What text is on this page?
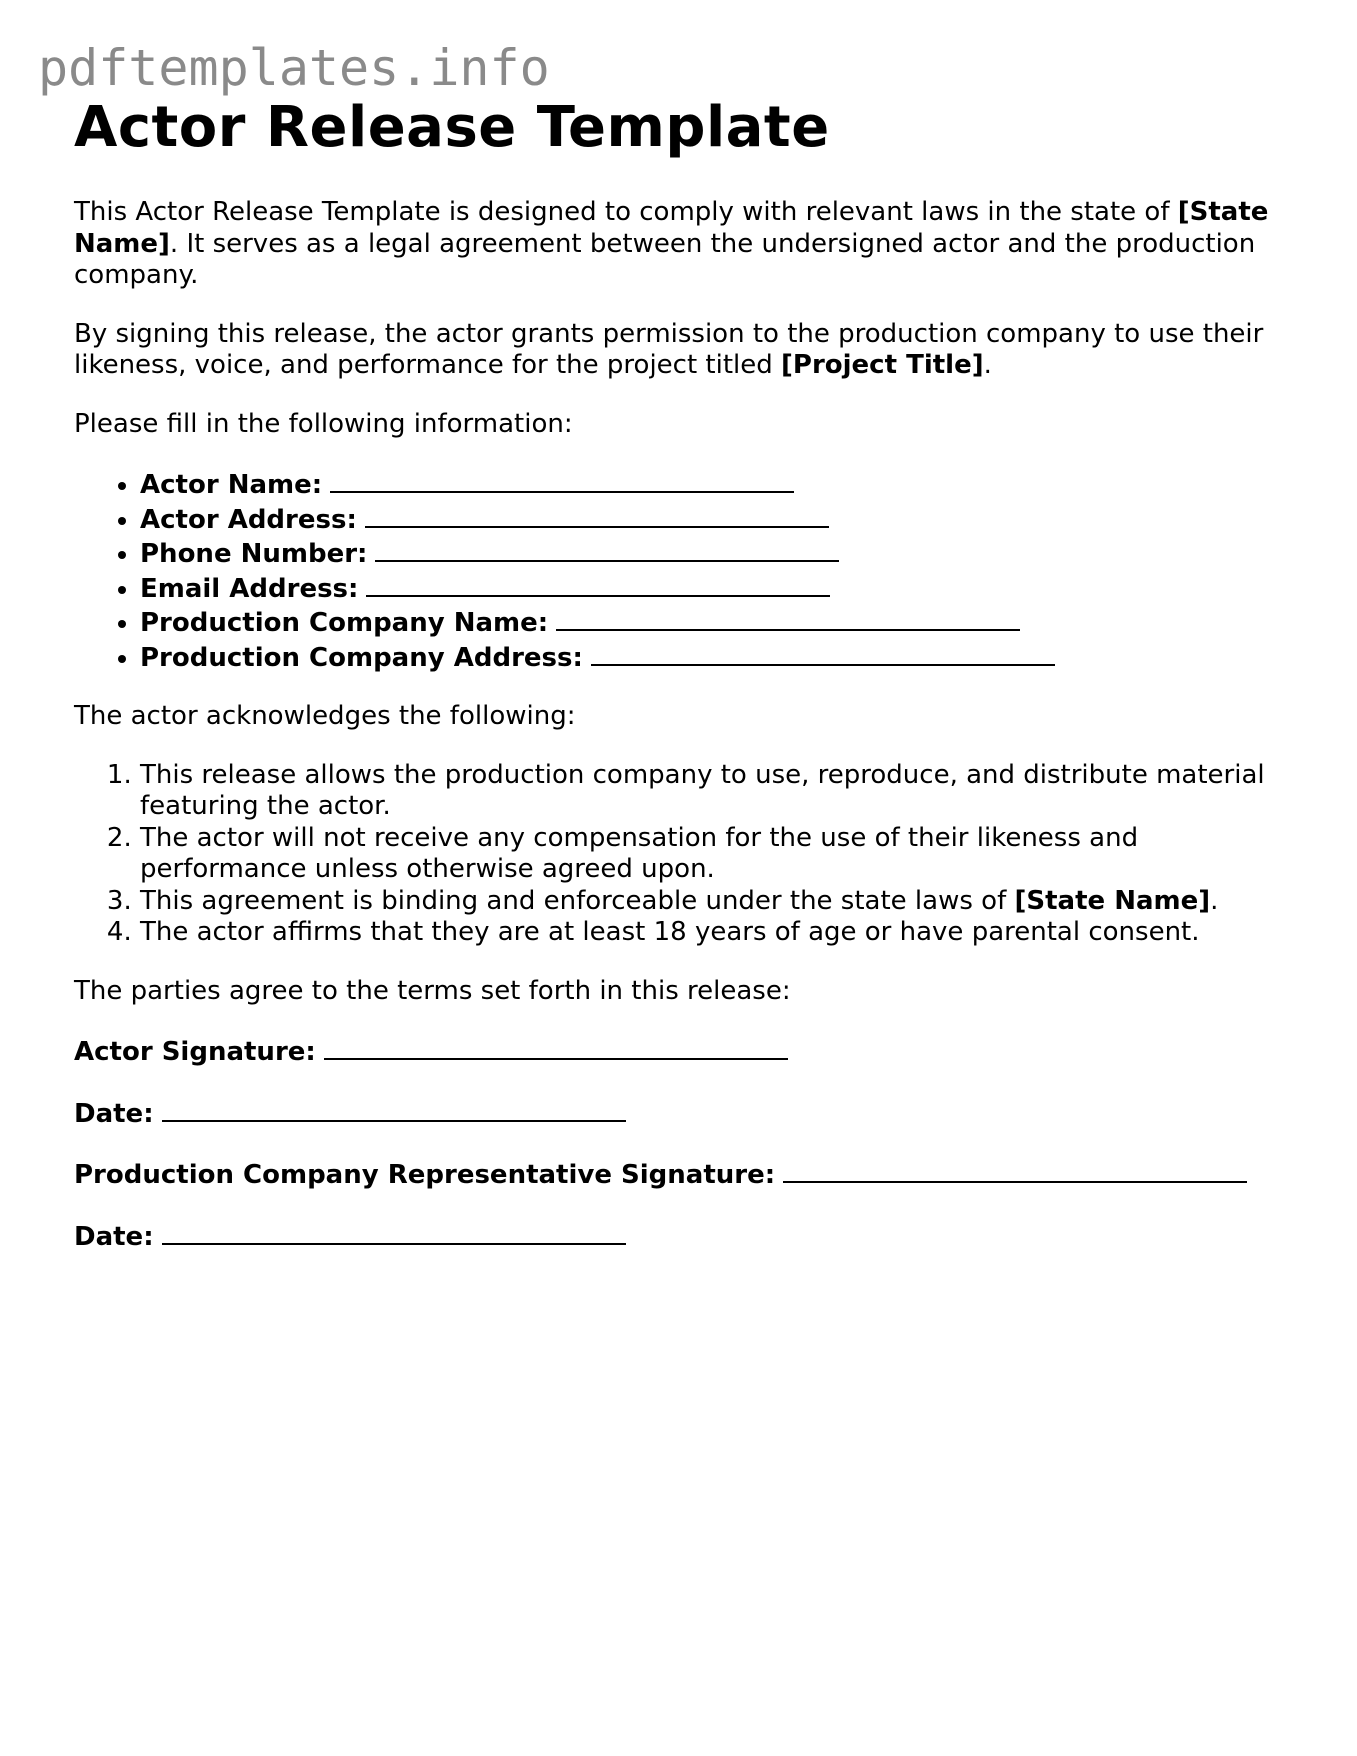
pdftemplates.info
Actor Release Template

This Actor Release Template is designed to comply with relevant laws in the state of [State Name]. It serves as a legal agreement between the undersigned actor and the production company.

By signing this release, the actor grants permission to the production company to use their likeness, voice, and performance for the project titled [Project Title].

Please fill in the following information:

• Actor Name:
• Actor Address:
• Phone Number:
• Email Address:
• Production Company Name:
• Production Company Address:

The actor acknowledges the following:

1. This release allows the production company to use, reproduce, and distribute material featuring the actor.
2. The actor will not receive any compensation for the use of their likeness and performance unless otherwise agreed upon.
3. This agreement is binding and enforceable under the state laws of [State Name].
4. The actor affirms that they are at least 18 years of age or have parental consent.

The parties agree to the terms set forth in this release:

Actor Signature:

Date:

Production Company Representative Signature:

Date:
